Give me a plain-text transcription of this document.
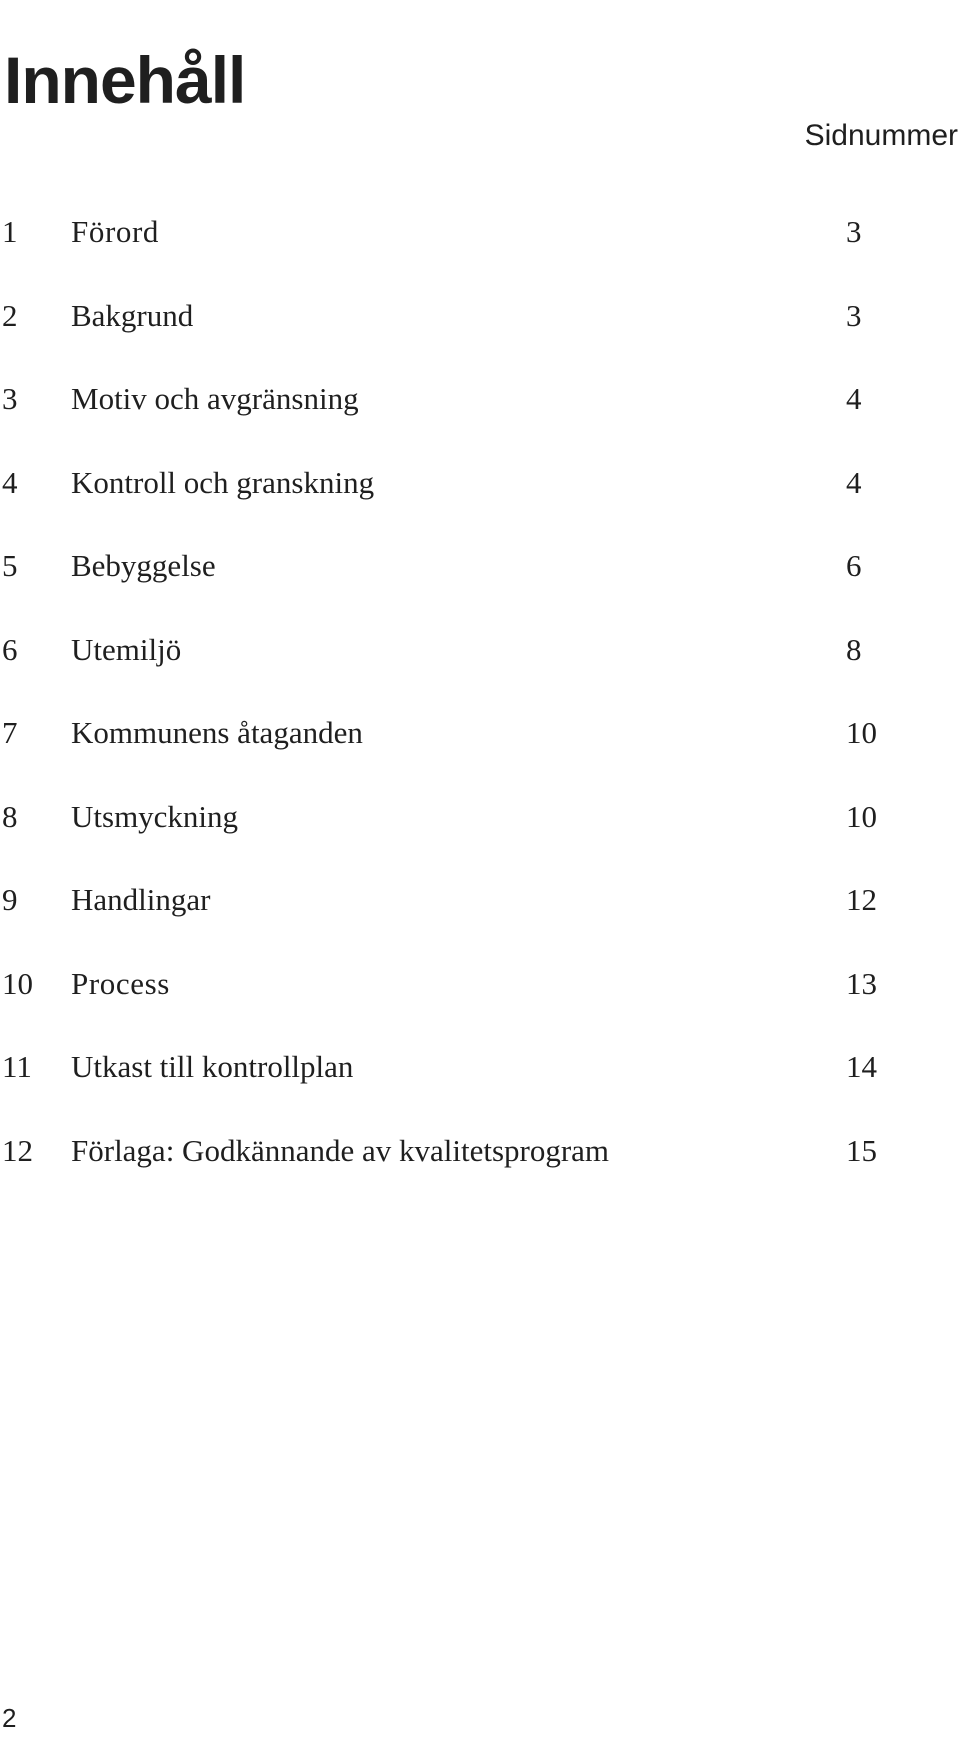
Innehåll
Sidnummer
1 Förord	3
2 Bakgrund	3
3 Motiv och avgränsning	4
4 Kontroll och granskning	4
5 Bebyggelse	6
6 Utemiljö	8
7 Kommunens åtaganden	10
8 Utsmyckning	10
9 Handlingar	12
10 Process	13
11 Utkast till kontrollplan	14
12 Förlaga: Godkännande av kvalitetsprogram	15
2
